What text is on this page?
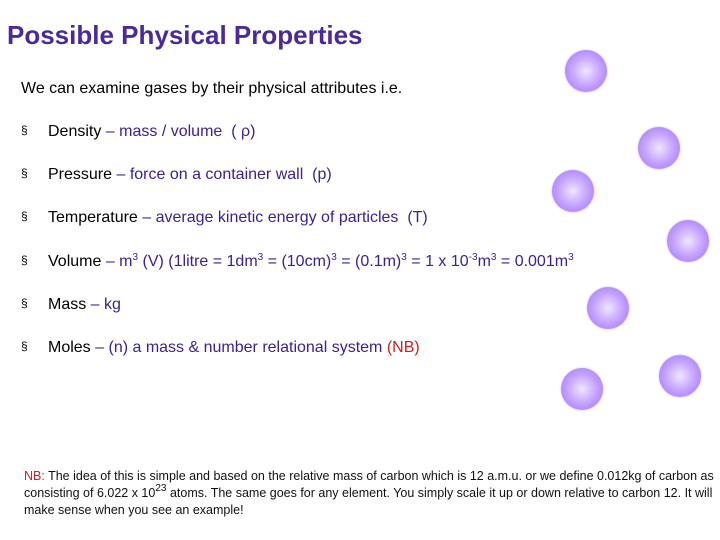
Possible Physical Properties
We can examine gases by their physical attributes i.e.
§ Density – mass / volume ( ρ)
§ Pressure – force on a container wall (p)
§ Temperature – average kinetic energy of particles (T)
§ Volume – $m^3$ (V) (1litre = $1dm^3 = (10cm)^3 = (0.1m)^3 = 1$ x $10^{-3}m^3 = 0.001m^3$
§ Mass – kg
§ Moles – (n) a mass & number relational system (NB)
NB: The idea of this is simple and based on the relative mass of carbon which is 12 a.m.u. or we define 0.012kg of carbon as consisting of 6.022 x $10^{23}$ atoms. The same goes for any element. You simply scale it up or down relative to carbon 12. It will make sense when you see an example!
